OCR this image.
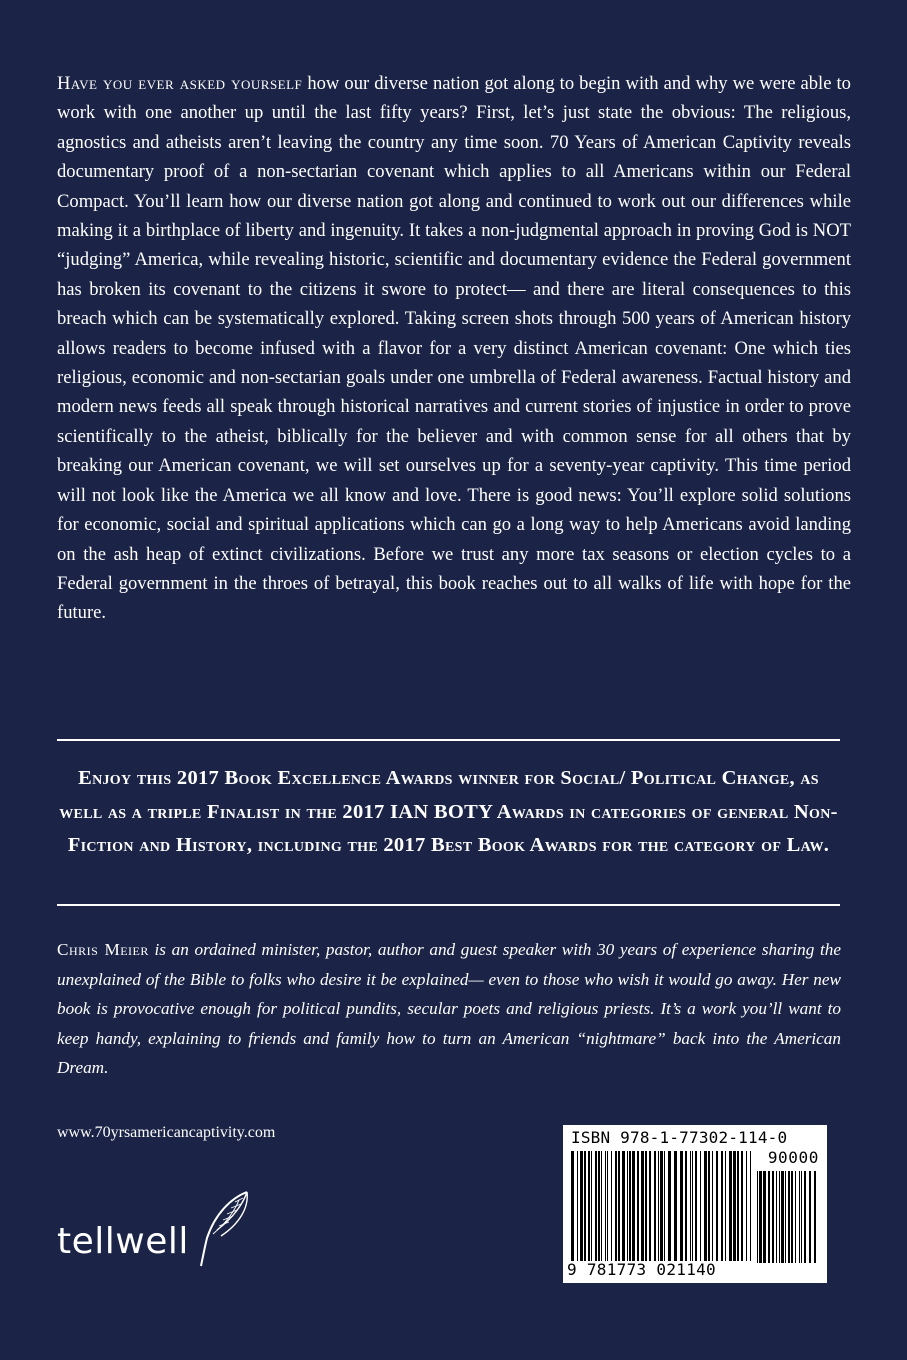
Have you ever asked yourself how our diverse nation got along to begin with and why we were able to work with one another up until the last fifty years? First, let’s just state the obvious: The religious, agnostics and atheists aren’t leaving the country any time soon. 70 Years of American Captivity reveals documentary proof of a non-sectarian covenant which applies to all Americans within our Federal Compact. You’ll learn how our diverse nation got along and continued to work out our differences while making it a birthplace of liberty and ingenuity. It takes a non-judgmental approach in proving God is NOT “judging” America, while revealing historic, scientific and documentary evidence the Federal government has broken its covenant to the citizens it swore to protect— and there are literal consequences to this breach which can be systematically explored. Taking screen shots through 500 years of American history allows readers to become infused with a flavor for a very distinct American covenant: One which ties religious, economic and non-sectarian goals under one umbrella of Federal awareness. Factual history and modern news feeds all speak through historical narratives and current stories of injustice in order to prove scientifically to the atheist, biblically for the believer and with common sense for all others that by breaking our American covenant, we will set ourselves up for a seventy-year captivity. This time period will not look like the America we all know and love. There is good news: You’ll explore solid solutions for economic, social and spiritual applications which can go a long way to help Americans avoid landing on the ash heap of extinct civilizations. Before we trust any more tax seasons or election cycles to a Federal government in the throes of betrayal, this book reaches out to all walks of life with hope for the future.

Enjoy this 2017 Book Excellence Awards winner for Social/ Political Change, as well as a triple Finalist in the 2017 IAN BOTY Awards in categories of general Non-Fiction and History, including the 2017 Best Book Awards for the category of Law.

Chris Meier is an ordained minister, pastor, author and guest speaker with 30 years of experience sharing the unexplained of the Bible to folks who desire it be explained— even to those who wish it would go away. Her new book is provocative enough for political pundits, secular poets and religious priests. It’s a work you’ll want to keep handy, explaining to friends and family how to turn an American “nightmare” back into the American Dream.

www.70yrsamericancaptivity.com
tellwell
ISBN 978-1-77302-114-0
90000
9 781773 021140
